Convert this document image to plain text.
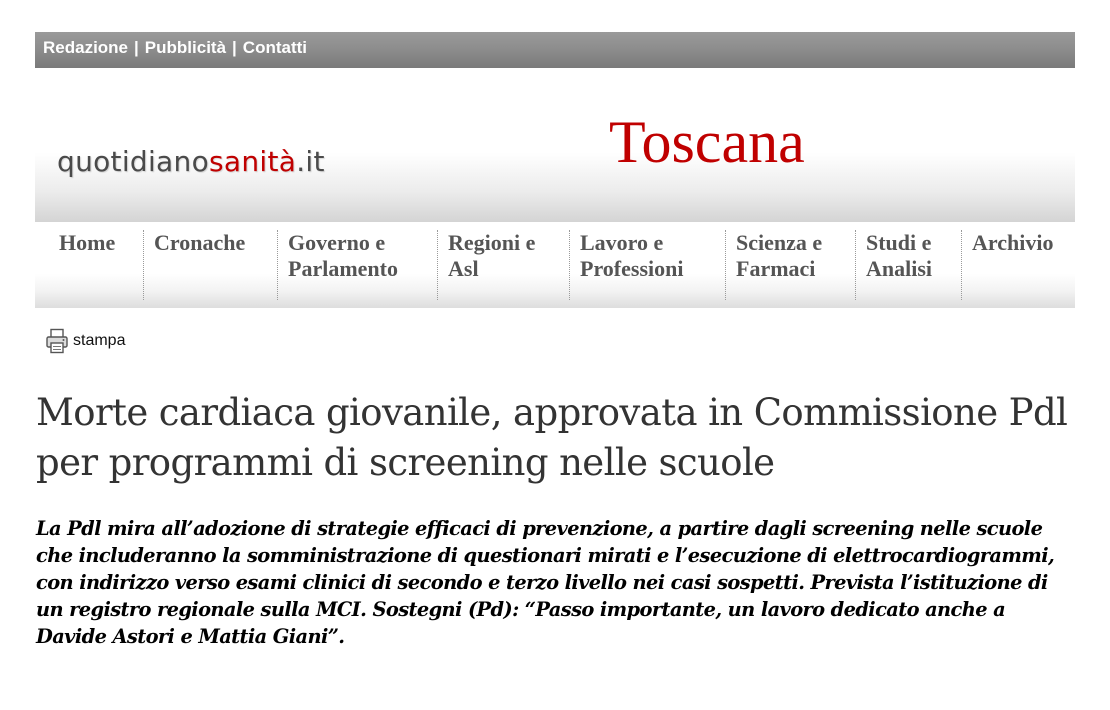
Redazione | Pubblicità | Contatti
quotidianosanità.it	Toscana
Home	Cronache	Governo e
Parlamento
Regioni e
Asl
Lavoro e
Professioni
Scienza e
Farmaci
Studi e
Analisi
Archivio

stampa
Morte cardiaca giovanile, approvata in Commissione Pdl per programmi di screening nelle scuole

La Pdl mira all’adozione di strategie efficaci di prevenzione, a partire dagli screening nelle scuole che includeranno la somministrazione di questionari mirati e l’esecuzione di elettrocardiogrammi, con indirizzo verso esami clinici di secondo e terzo livello nei casi sospetti. Prevista l’istituzione di un registro regionale sulla MCI. Sostegni (Pd): “Passo importante, un lavoro dedicato anche a Davide Astori e Mattia Giani”.
